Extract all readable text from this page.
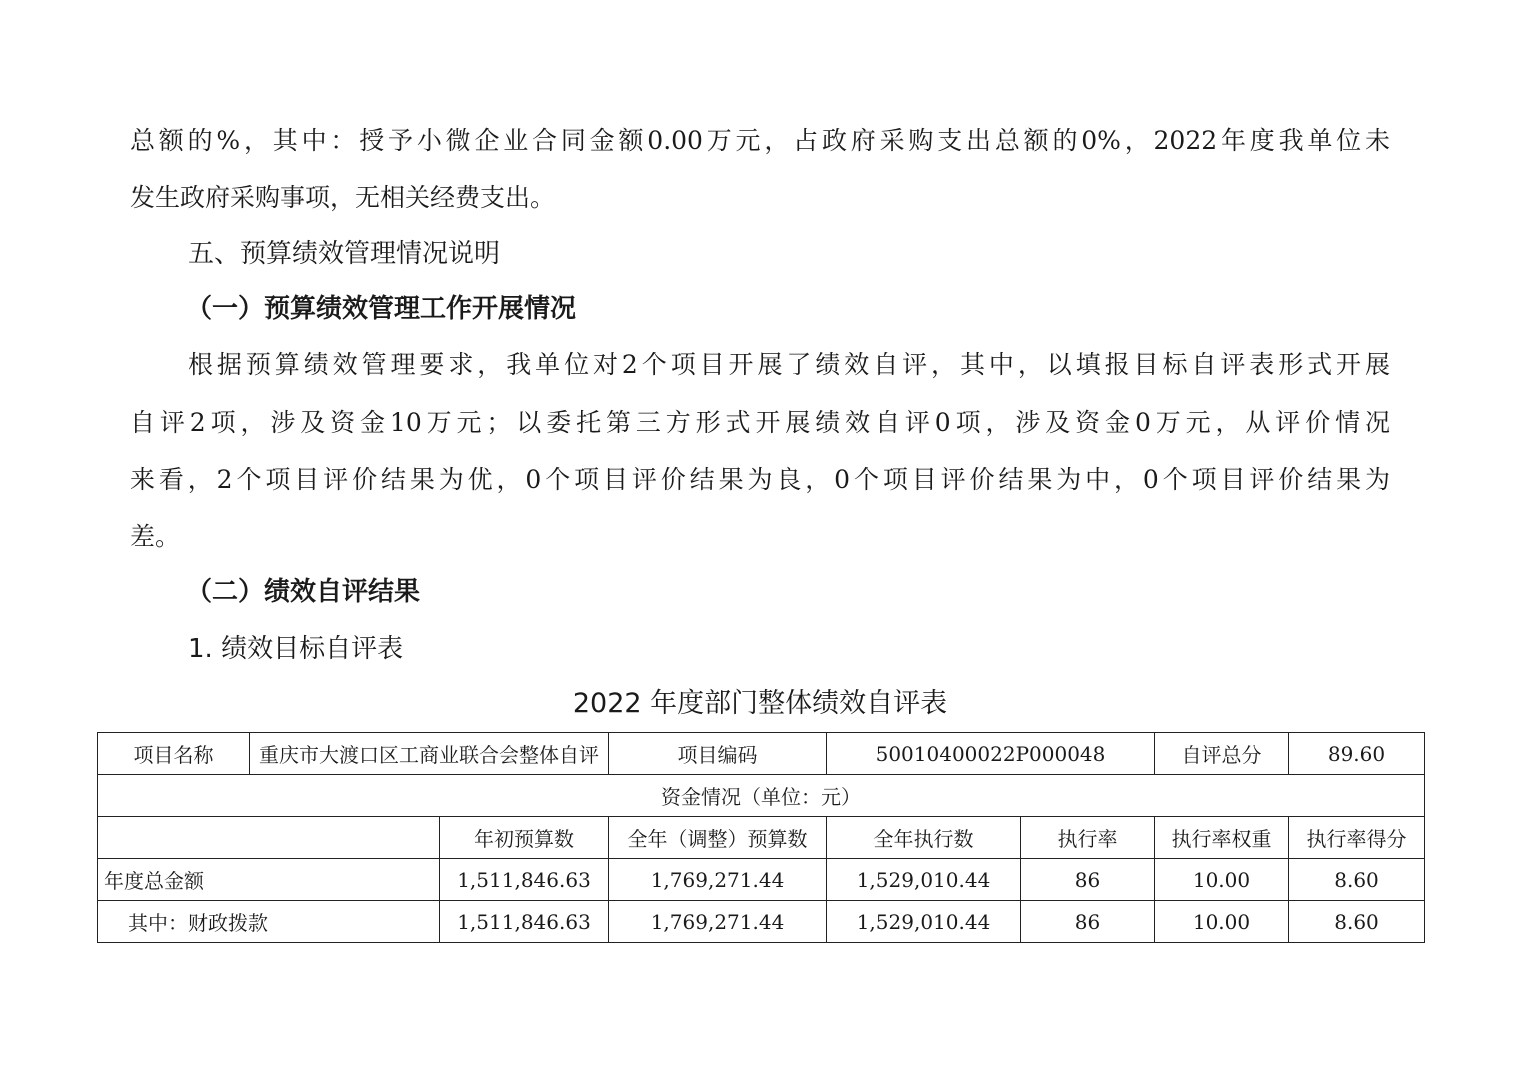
总额的%，其中：授予小微企业合同金额0.00万元，占政府采购支出总额的0%，2022年度我单位未
发生政府采购事项，无相关经费支出。
五、预算绩效管理情况说明
（一）预算绩效管理工作开展情况
根据预算绩效管理要求，我单位对2个项目开展了绩效自评，其中，以填报目标自评表形式开展
自评2项，涉及资金10万元；以委托第三方形式开展绩效自评0项，涉及资金0万元，从评价情况
来看，2个项目评价结果为优，0个项目评价结果为良，0个项目评价结果为中，0个项目评价结果为
差。
（二）绩效自评结果
1. 绩效目标自评表
2022 年度部门整体绩效自评表
项目名称	重庆市大渡口区工商业联合会整体自评		项目编码	50010400022P000048		自评总分	89.60
资金情况（单位：元）							
		年初预算数	全年（调整）预算数	全年执行数	执行率	执行率权重	执行率得分
年度总金额		1,511,846.63	1,769,271.44	1,529,010.44	86	10.00	8.60
其中：财政拨款		1,511,846.63	1,769,271.44	1,529,010.44	86	10.00	8.60
